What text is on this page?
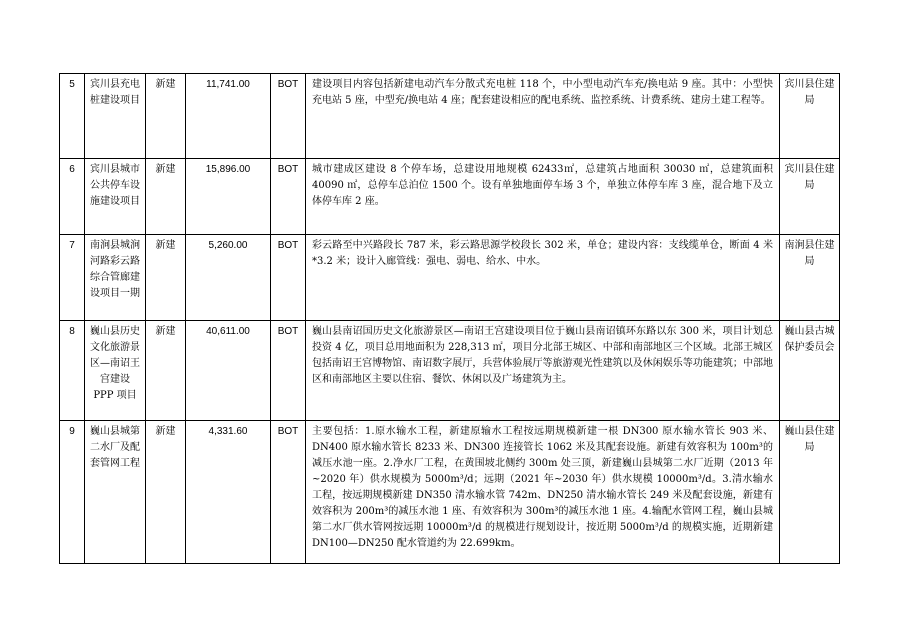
5	宾川县充电桩建设项目	新建	11,741.00	BOT	建设项目内容包括新建电动汽车分散式充电桩 118 个，中小型电动汽车充/换电站 9 座。其中：小型快充电站 5 座，中型充/换电站 4 座；配套建设相应的配电系统、监控系统、计费系统、建房土建工程等。	宾川县住建局
6	宾川县城市公共停车设施建设项目	新建	15,896.00	BOT	城市建成区建设 8 个停车场，总建设用地规模 62433㎡，总建筑占地面积 30030 ㎡，总建筑面积 40090 ㎡，总停车总泊位 1500 个。设有单独地面停车场 3 个，单独立体停车库 3 座，混合地下及立体停车库 2 座。	宾川县住建局
7	南涧县城涧河路彩云路综合管廊建设项目一期	新建	5,260.00	BOT	彩云路至中兴路段长 787 米，彩云路思源学校段长 302 米，单仓；建设内容：支线缆单仓，断面 4 米*3.2 米；设计入廊管线：强电、弱电、给水、中水。	南涧县住建局
8	巍山县历史文化旅游景区—南诏王宫建设 PPP 项目	新建	40,611.00	BOT	巍山县南诏国历史文化旅游景区—南诏王宫建设项目位于巍山县南诏镇环东路以东 300 米，项目计划总投资 4 亿，项目总用地面积为 228,313 ㎡，项目分北部王城区、中部和南部地区三个区域。北部王城区包括南诏王宫博物馆、南诏数字展厅，兵营体验展厅等旅游观光性建筑以及休闲娱乐等功能建筑；中部地区和南部地区主要以住宿、餐饮、休闲以及广场建筑为主。	巍山县古城保护委员会
9	巍山县城第二水厂及配套管网工程	新建	4,331.60	BOT	主要包括：1.原水输水工程，新建原输水工程按远期规模新建一根 DN300 原水输水管长 903 米、DN400 原水输水管长 8233 米、DN300 连接管长 1062 米及其配套设施。新建有效容积为 100m³的减压水池一座。2.净水厂工程，在黄围坡北侧约 300m 处三顶，新建巍山县城第二水厂近期（2013 年~2020 年）供水规模为 5000m³/d；远期（2021 年~2030 年）供水规模 10000m³/d。3.清水输水工程，按远期规模新建 DN350 清水输水管 742m、DN250 清水输水管长 249 米及配套设施，新建有效容积为 200m³的减压水池 1 座、有效容积为 300m³的减压水池 1 座。4.输配水管网工程，巍山县城第二水厂供水管网按远期 10000m³/d 的规模进行规划设计，按近期 5000m³/d 的规模实施，近期新建 DN100—DN250 配水管道约为 22.699km。	巍山县住建局
